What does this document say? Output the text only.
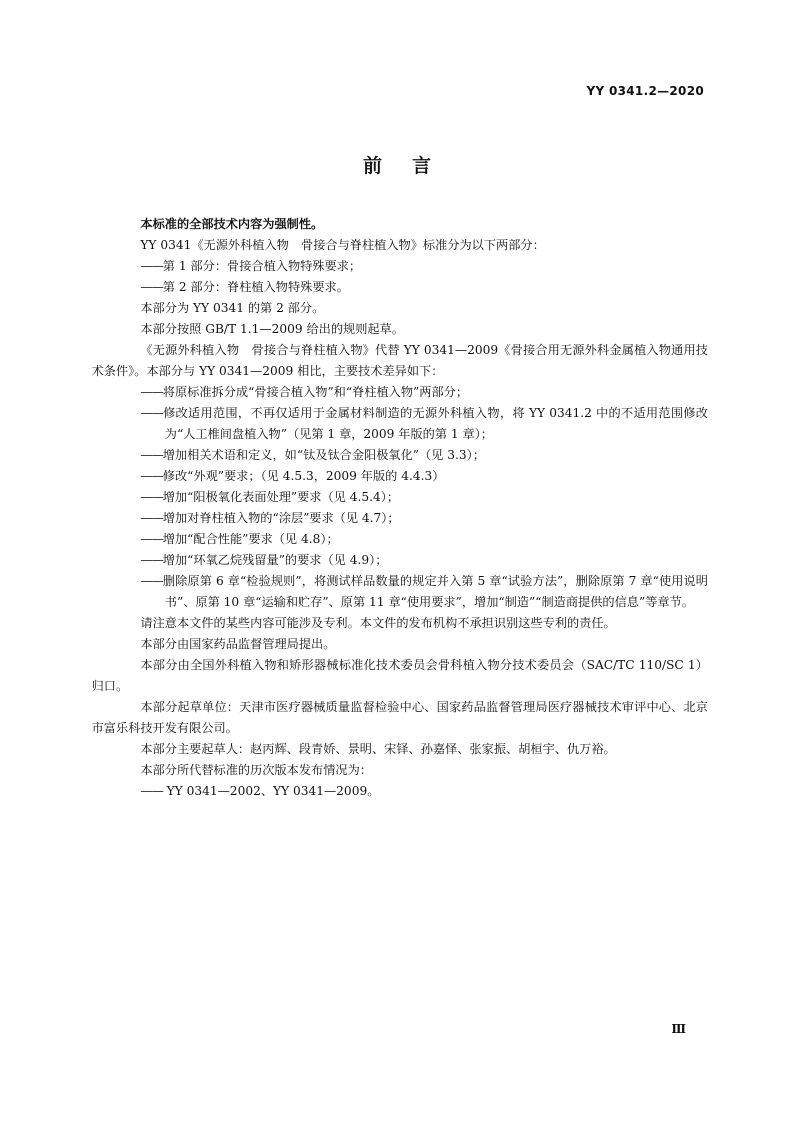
YY 0341.2—2020
前言

本标准的全部技术内容为强制性。

YY 0341《无源外科植入物　骨接合与脊柱植入物》标准分为以下两部分：

——第 1 部分：骨接合植入物特殊要求；

——第 2 部分：脊柱植入物特殊要求。

本部分为 YY 0341 的第 2 部分。

本部分按照 GB/T 1.1—2009 给出的规则起草。

《无源外科植入物　骨接合与脊柱植入物》代替 YY 0341—2009《骨接合用无源外科金属植入物通用技术条件》。本部分与 YY 0341—2009 相比，主要技术差异如下：

——将原标准拆分成“骨接合植入物”和“脊柱植入物”两部分；

——修改适用范围，不再仅适用于金属材料制造的无源外科植入物，将 YY 0341.2 中的不适用范围修改为“人工椎间盘植入物”（见第 1 章，2009 年版的第 1 章）；

——增加相关术语和定义，如“钛及钛合金阳极氧化”（见 3.3）；

——修改“外观”要求；（见 4.5.3，2009 年版的 4.4.3）

——增加“阳极氧化表面处理”要求（见 4.5.4）；

——增加对脊柱植入物的“涂层”要求（见 4.7）；

——增加“配合性能”要求（见 4.8）；

——增加“环氧乙烷残留量”的要求（见 4.9）；

——删除原第 6 章“检验规则”，将测试样品数量的规定并入第 5 章“试验方法”，删除原第 7 章“使用说明书”、原第 10 章“运输和贮存”、原第 11 章“使用要求”，增加“制造”“制造商提供的信息”等章节。

请注意本文件的某些内容可能涉及专利。本文件的发布机构不承担识别这些专利的责任。

本部分由国家药品监督管理局提出。

本部分由全国外科植入物和矫形器械标准化技术委员会骨科植入物分技术委员会（SAC/TC 110/SC 1）归口。

本部分起草单位：天津市医疗器械质量监督检验中心、国家药品监督管理局医疗器械技术审评中心、北京市富乐科技开发有限公司。

本部分主要起草人：赵丙辉、段青娇、景明、宋铎、孙嘉怿、张家振、胡桓宇、仇万裕。

本部分所代替标准的历次版本发布情况为：

—— YY 0341—2002、YY 0341—2009。

Ⅲ
